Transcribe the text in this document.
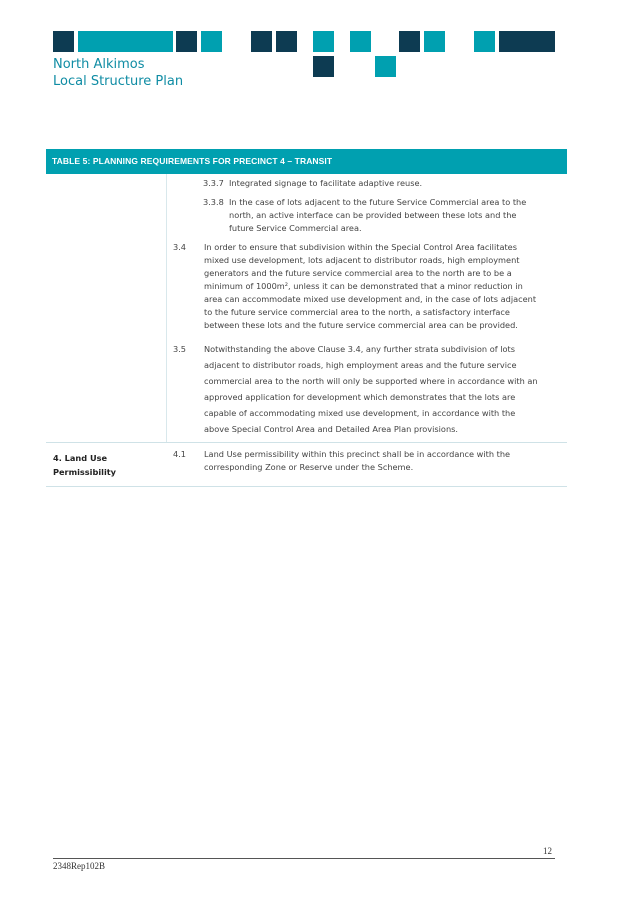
North Alkimos
Local Structure Plan
TABLE 5: PLANNING REQUIREMENTS FOR PRECINCT 4 – TRANSIT
3.3.7 Integrated signage to facilitate adaptive reuse.
3.3.8 In the case of lots adjacent to the future Service Commercial area to the
north, an active interface can be provided between these lots and the
future Service Commercial area.
3.4 In order to ensure that subdivision within the Special Control Area facilitates
mixed use development, lots adjacent to distributor roads, high employment
generators and the future service commercial area to the north are to be a
minimum of 1000m², unless it can be demonstrated that a minor reduction in
area can accommodate mixed use development and, in the case of lots adjacent
to the future service commercial area to the north, a satisfactory interface
between these lots and the future service commercial area can be provided.
3.5 Notwithstanding the above Clause 3.4, any further strata subdivision of lots
adjacent to distributor roads, high employment areas and the future service
commercial area to the north will only be supported where in accordance with an
approved application for development which demonstrates that the lots are
capable of accommodating mixed use development, in accordance with the
above Special Control Area and Detailed Area Plan provisions.
4. Land Use
Permissibility
4.1 Land Use permissibility within this precinct shall be in accordance with the
corresponding Zone or Reserve under the Scheme.
12
2348Rep102B
